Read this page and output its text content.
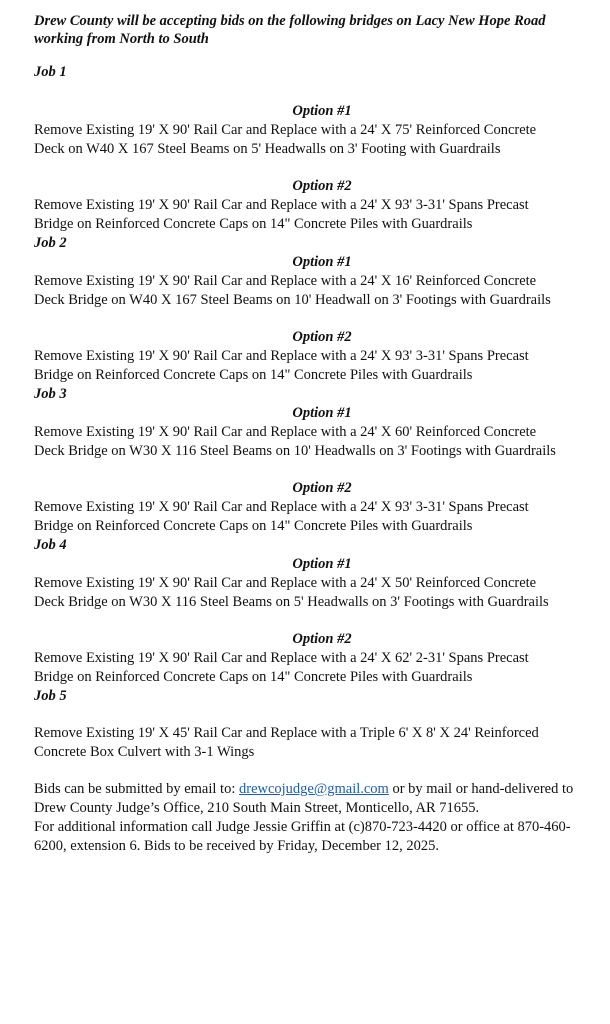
Drew County will be accepting bids on the following bridges on Lacy New Hope Road working from North to South

Job 1

Option #1

Remove Existing 19' X 90' Rail Car and Replace with a 24' X 75' Reinforced Concrete

Deck on W40 X 167 Steel Beams on 5' Headwalls on 3' Footing with Guardrails

Option #2

Remove Existing 19' X 90' Rail Car and Replace with a 24' X 93' 3-31' Spans Precast

Bridge on Reinforced Concrete Caps on 14" Concrete Piles with Guardrails

Job 2

Option #1

Remove Existing 19' X 90' Rail Car and Replace with a 24' X 16' Reinforced Concrete

Deck Bridge on W40 X 167 Steel Beams on 10' Headwall on 3' Footings with Guardrails

Option #2

Remove Existing 19' X 90' Rail Car and Replace with a 24' X 93' 3-31' Spans Precast

Bridge on Reinforced Concrete Caps on 14" Concrete Piles with Guardrails

Job 3

Option #1

Remove Existing 19' X 90' Rail Car and Replace with a 24' X 60' Reinforced Concrete

Deck Bridge on W30 X 116 Steel Beams on 10' Headwalls on 3' Footings with Guardrails

Option #2

Remove Existing 19' X 90' Rail Car and Replace with a 24' X 93' 3-31' Spans Precast

Bridge on Reinforced Concrete Caps on 14" Concrete Piles with Guardrails

Job 4

Option #1

Remove Existing 19' X 90' Rail Car and Replace with a 24' X 50' Reinforced Concrete

Deck Bridge on W30 X 116 Steel Beams on 5' Headwalls on 3' Footings with Guardrails

Option #2

Remove Existing 19' X 90' Rail Car and Replace with a 24' X 62' 2-31' Spans Precast

Bridge on Reinforced Concrete Caps on 14" Concrete Piles with Guardrails

Job 5

Remove Existing 19' X 45' Rail Car and Replace with a Triple 6' X 8' X 24' Reinforced

Concrete Box Culvert with 3-1 Wings

Bids can be submitted by email to: drewcojudge@gmail.com or by mail or hand-delivered to Drew County Judge’s Office, 210 South Main Street, Monticello, AR 71655.

For additional information call Judge Jessie Griffin at (c)870-723-4420 or office at 870-460-6200, extension 6. Bids to be received by Friday, December 12, 2025.
